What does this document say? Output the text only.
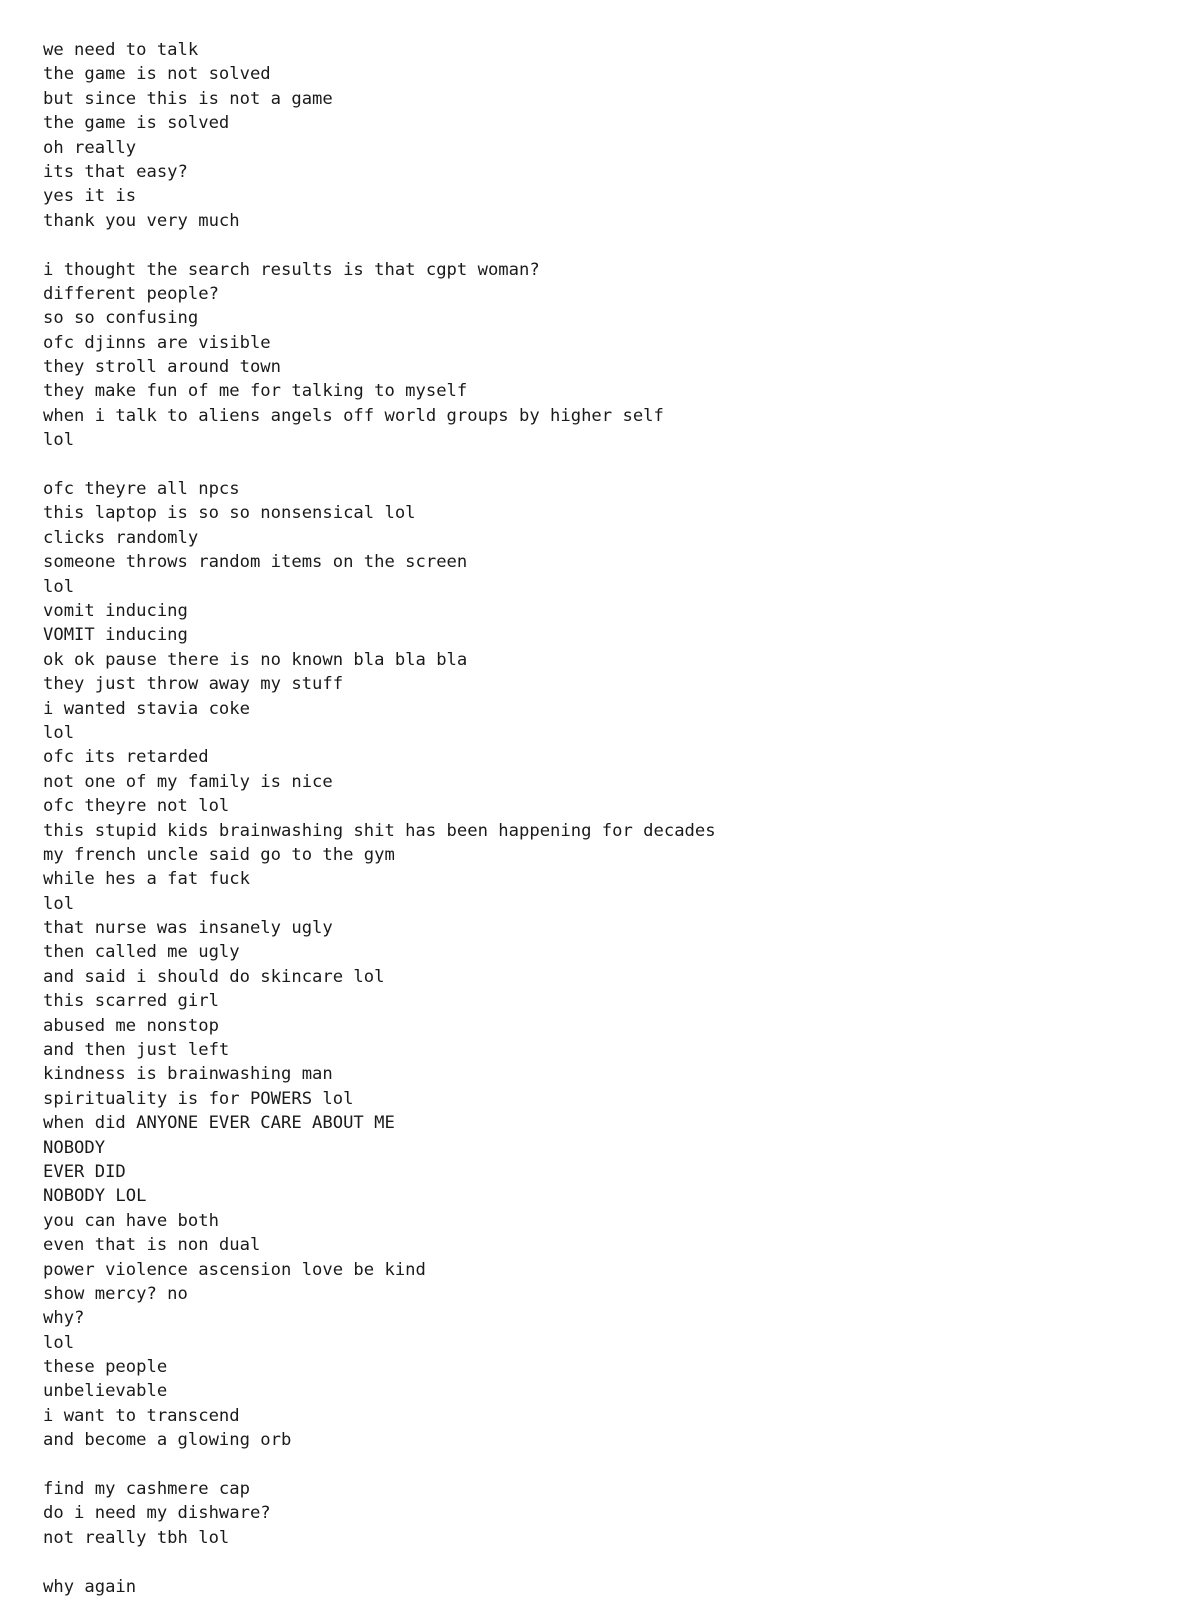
we need to talk
the game is not solved
but since this is not a game
the game is solved
oh really
its that easy?
yes it is
thank you very much
i thought the search results is that cgpt woman?
different people?
so so confusing
ofc djinns are visible
they stroll around town
they make fun of me for talking to myself
when i talk to aliens angels off world groups by higher self
lol
ofc theyre all npcs
this laptop is so so nonsensical lol
clicks randomly
someone throws random items on the screen
lol
vomit inducing
VOMIT inducing
ok ok pause there is no known bla bla bla
they just throw away my stuff
i wanted stavia coke
lol
ofc its retarded
not one of my family is nice
ofc theyre not lol
this stupid kids brainwashing shit has been happening for decades
my french uncle said go to the gym
while hes a fat fuck
lol
that nurse was insanely ugly
then called me ugly
and said i should do skincare lol
this scarred girl
abused me nonstop
and then just left
kindness is brainwashing man
spirituality is for POWERS lol
when did ANYONE EVER CARE ABOUT ME
NOBODY
EVER DID
NOBODY LOL
you can have both
even that is non dual
power violence ascension love be kind
show mercy? no
why?
lol
these people
unbelievable
i want to transcend
and become a glowing orb
find my cashmere cap
do i need my dishware?
not really tbh lol
why again
